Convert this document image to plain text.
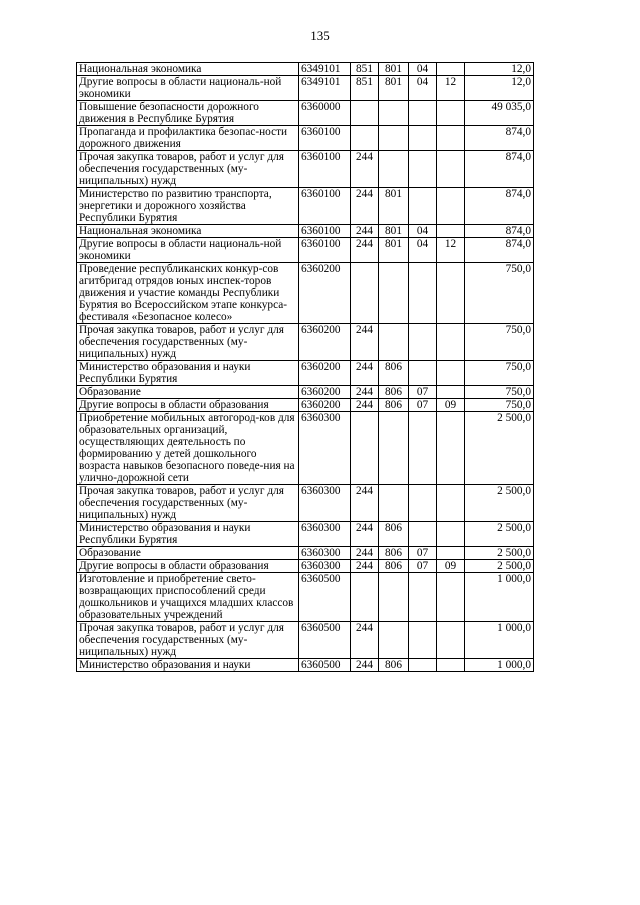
135
Национальная экономика	6349101	851	801	04		12,0
Другие вопросы в области националь-ной экономики	6349101	851	801	04	12	12,0
Повышение безопасности дорожного движения в Республике Бурятия	6360000					49 035,0
Пропаганда и профилактика безопас-ности дорожного движения	6360100					874,0
Прочая закупка товаров, работ и услуг для обеспечения государственных (му-ниципальных) нужд	6360100	244				874,0
Министерство по развитию транспорта, энергетики и дорожного хозяйства Республики Бурятия	6360100	244	801			874,0
Национальная экономика	6360100	244	801	04		874,0
Другие вопросы в области националь-ной экономики	6360100	244	801	04	12	874,0
Проведение республиканских конкур-сов агитбригад отрядов юных инспек-торов движения и участие команды Республики Бурятия во Всероссийском этапе конкурса-фестиваля «Безопасное колесо»	6360200					750,0
Прочая закупка товаров, работ и услуг для обеспечения государственных (му-ниципальных) нужд	6360200	244				750,0
Министерство образования и науки Республики Бурятия	6360200	244	806			750,0
Образование	6360200	244	806	07		750,0
Другие вопросы в области образования	6360200	244	806	07	09	750,0
Приобретение мобильных автогород-ков для образовательных организаций, осуществляющих деятельность по формированию у детей дошкольного возраста навыков безопасного поведе-ния на улично-дорожной сети	6360300					2 500,0
Прочая закупка товаров, работ и услуг для обеспечения государственных (му-ниципальных) нужд	6360300	244				2 500,0
Министерство образования и науки Республики Бурятия	6360300	244	806			2 500,0
Образование	6360300	244	806	07		2 500,0
Другие вопросы в области образования	6360300	244	806	07	09	2 500,0
Изготовление и приобретение свето-возвращающих приспособлений среди дошкольников и учащихся младших классов образовательных учреждений	6360500					1 000,0
Прочая закупка товаров, работ и услуг для обеспечения государственных (му-ниципальных) нужд	6360500	244				1 000,0
Министерство образования и науки	6360500	244	806			1 000,0
